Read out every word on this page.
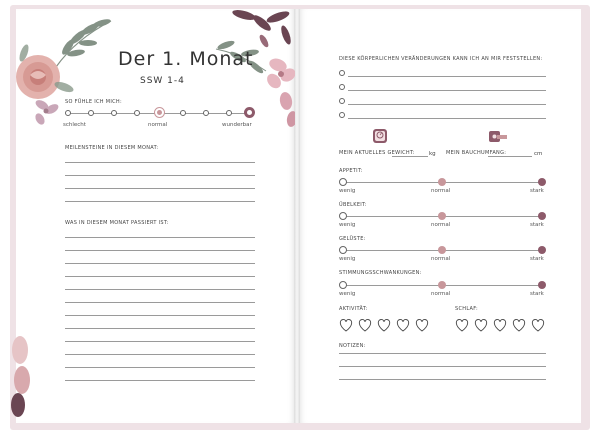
Der 1. Monat
SSW 1-4
SO FÜHLE ICH MICH:
schlecht	normal	wunderbar
MEILENSTEINE IN DIESEM MONAT:
WAS IN DIESEM MONAT PASSIERT IST:
DIESE KÖRPERLICHEN VERÄNDERUNGEN KANN ICH AN MIR FESTSTELLEN:
MEIN AKTUELLES GEWICHT:	kg MEIN BAUCHUMFANG:	cm
APPETIT:
wenig	normal	stark
ÜBELKEIT:
wenig	normal	stark
GELÜSTE:
wenig	normal	stark
STIMMUNGSSCHWANKUNGEN:
wenig	normal	stark
AKTIVITÄT:	SCHLAF:
NOTIZEN:
